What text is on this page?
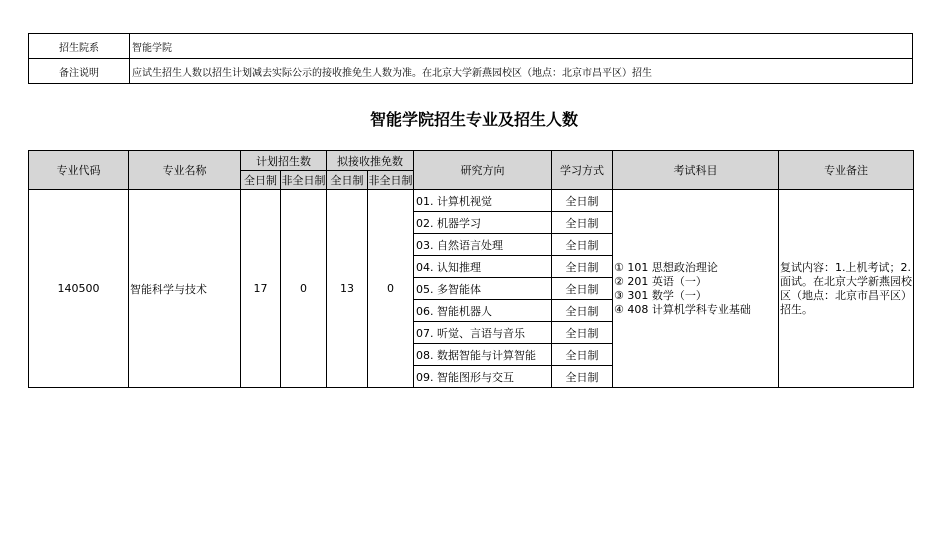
招生院系	智能学院
备注说明	应试生招生人数以招生计划减去实际公示的接收推免生人数为准。在北京大学新燕园校区（地点：北京市昌平区）招生
智能学院招生专业及招生人数
专业代码	专业名称	计划招生数		拟接收推免数		研究方向	学习方式	考试科目	专业备注
		全日制	非全日制	全日制	非全日制				
140500	智能科学与技术	17	0	13	0	01. 计算机视觉	全日制	① 101 思想政治理论
② 201 英语（一）
③ 301 数学（一）
④ 408 计算机学科专业基础	复试内容：1.上机考试；2.面试。在北京大学新燕园校区（地点：北京市昌平区）招生。
						02. 机器学习	全日制		
						03. 自然语言处理	全日制		
						04. 认知推理	全日制		
						05. 多智能体	全日制		
						06. 智能机器人	全日制		
						07. 听觉、言语与音乐	全日制		
						08. 数据智能与计算智能	全日制		
						09. 智能图形与交互	全日制		
